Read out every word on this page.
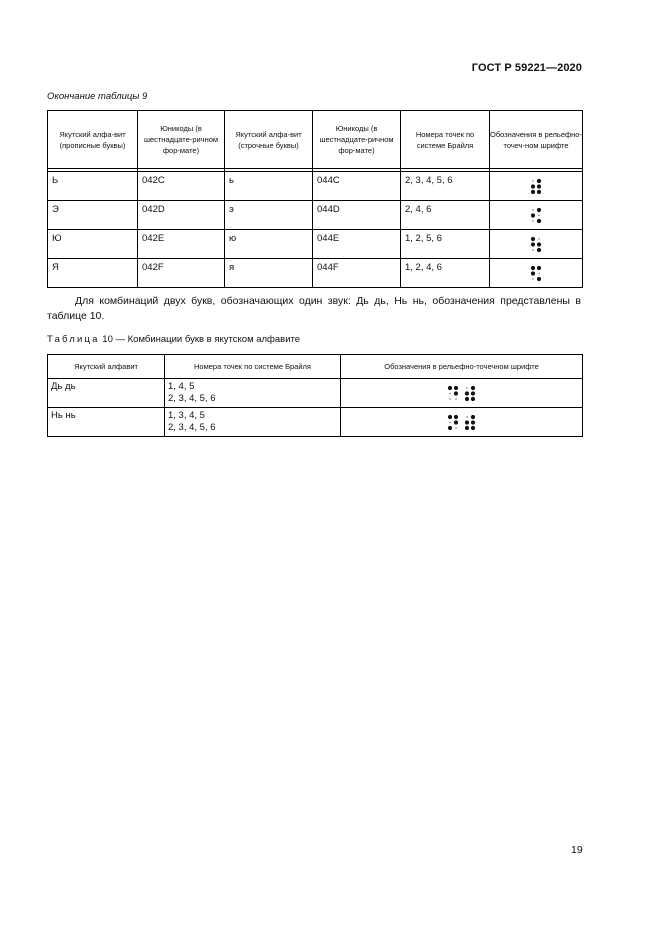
ГОСТ Р 59221—2020
Окончание таблицы 9
Якутский алфа-вит (прописные буквы)	Юникоды (в шестнадцате-ричном фор-мате)	Якутский алфа-вит (строчные буквы)	Юникоды (в шестнадцате-ричном фор-мате)	Номера точек по системе Брайля	Обозначения в рельефно-точеч-ном шрифте

Ь	042C	ь	044C	2, 3, 4, 5, 6	

Э	042D	э	044D	2, 4, 6	

Ю	042E	ю	044E	1, 2, 5, 6	

Я	042F	я	044F	1, 2, 4, 6	
Для комбинаций двух букв, обозначающих один звук: Дь дь, Нь нь, обозначения представлены в таблице 10.
Таблица 10 — Комбинации букв в якутском алфавите
Якутский алфавит	Номера точек по системе Брайля	Обозначения в рельефно-точечном шрифте
Дь дь	1, 4, 5
2, 3, 4, 5, 6

Нь нь	1, 3, 4, 5
2, 3, 4, 5, 6

19
